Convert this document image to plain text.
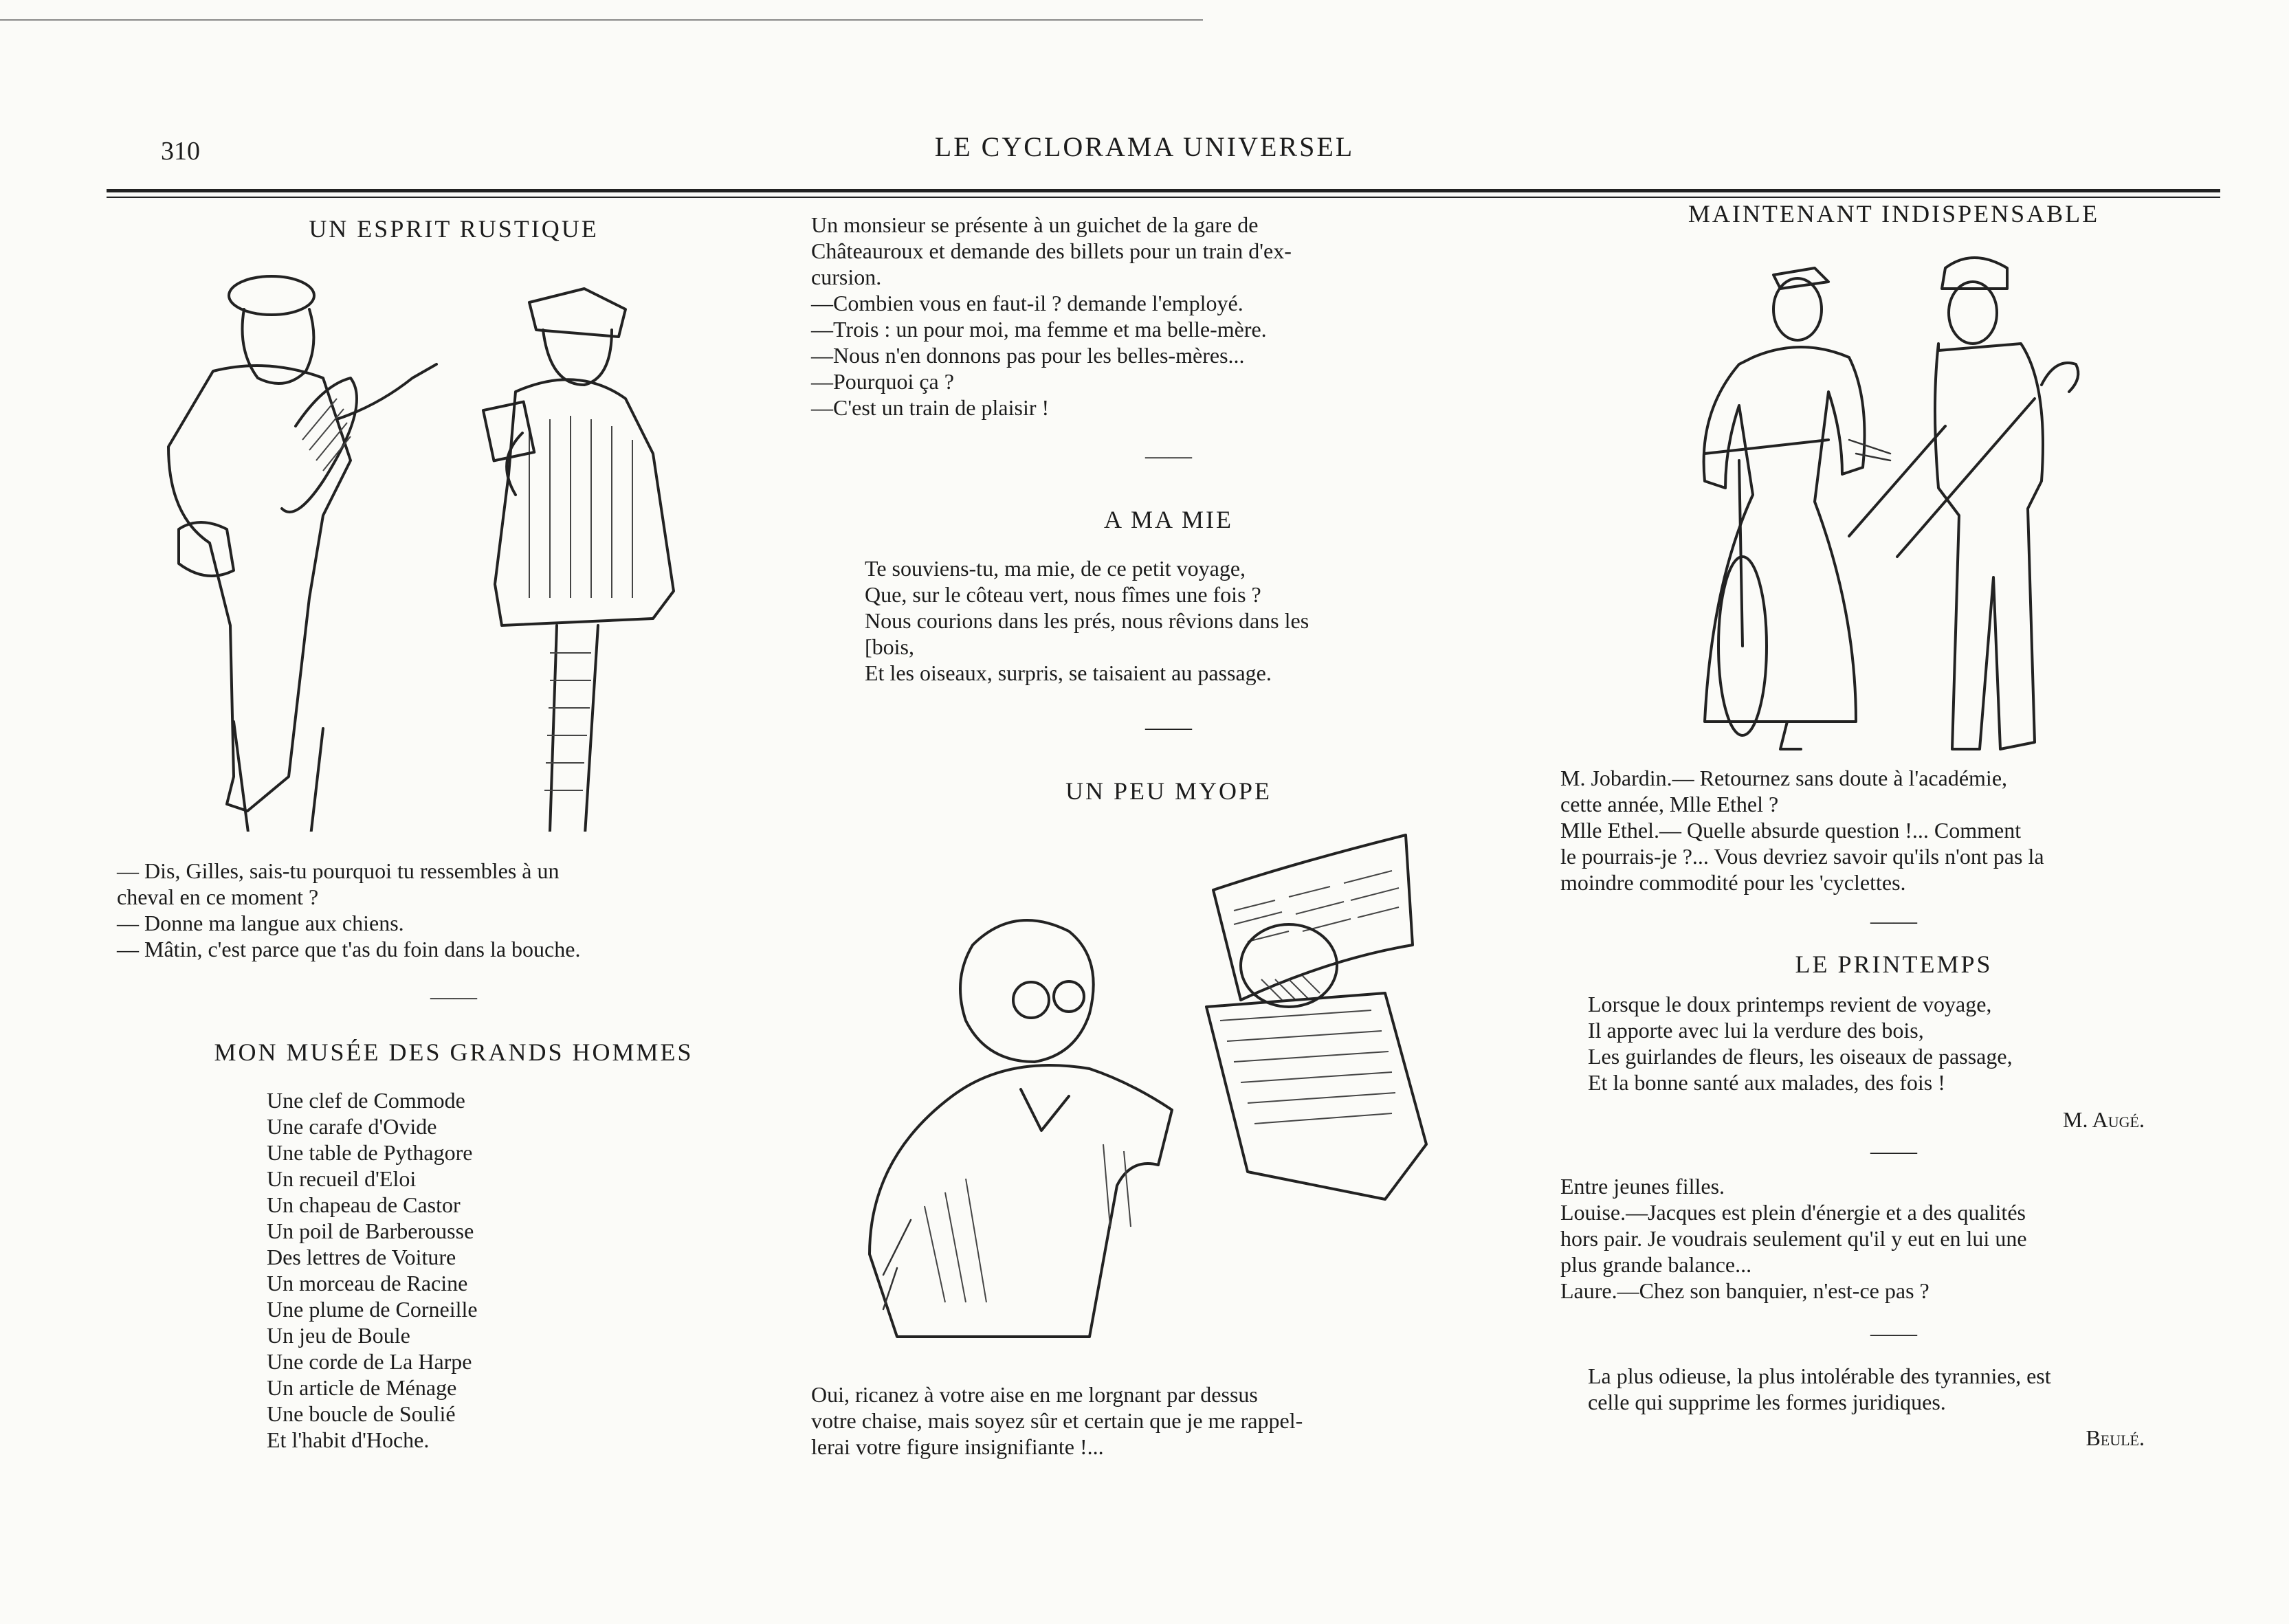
310	LE CYCLORAMA UNIVERSEL
UN ESPRIT RUSTIQUE
— Dis, Gilles, sais-tu pourquoi tu ressembles à un
cheval en ce moment ?
— Donne ma langue aux chiens.
— Mâtin, c'est parce que t'as du foin dans la bouche.
——
MON MUSÉE DES GRANDS HOMMES
Une clef de Commode
Une carafe d'Ovide
Une table de Pythagore
Un recueil d'Eloi
Un chapeau de Castor
Un poil de Barberousse
Des lettres de Voiture
Un morceau de Racine
Une plume de Corneille
Un jeu de Boule
Une corde de La Harpe
Un article de Ménage
Une boucle de Soulié
Et l'habit d'Hoche.
Un monsieur se présente à un guichet de la gare de
Châteauroux et demande des billets pour un train d'ex-
cursion.
—Combien vous en faut-il ? demande l'employé.
—Trois : un pour moi, ma femme et ma belle-mère.
—Nous n'en donnons pas pour les belles-mères...
—Pourquoi ça ?
—C'est un train de plaisir !
——
A MA MIE
Te souviens-tu, ma mie, de ce petit voyage,
Que, sur le côteau vert, nous fîmes une fois ?
Nous courions dans les prés, nous rêvions dans les
[bois,
Et les oiseaux, surpris, se taisaient au passage.
——
UN PEU MYOPE
Oui, ricanez à votre aise en me lorgnant par dessus
votre chaise, mais soyez sûr et certain que je me rappel-
lerai votre figure insignifiante !...
MAINTENANT INDISPENSABLE
M. Jobardin.— Retournez sans doute à l'académie,
cette année, Mlle Ethel ?
Mlle Ethel.— Quelle absurde question !... Comment
le pourrais-je ?... Vous devriez savoir qu'ils n'ont pas la
moindre commodité pour les 'cyclettes.
——
LE PRINTEMPS
Lorsque le doux printemps revient de voyage,
Il apporte avec lui la verdure des bois,
Les guirlandes de fleurs, les oiseaux de passage,
Et la bonne santé aux malades, des fois !
M. Augé.
——
Entre jeunes filles.
Louise.—Jacques est plein d'énergie et a des qualités
hors pair. Je voudrais seulement qu'il y eut en lui une
plus grande balance...
Laure.—Chez son banquier, n'est-ce pas ?
——
La plus odieuse, la plus intolérable des tyrannies, est
celle qui supprime les formes juridiques.
Beulé.
